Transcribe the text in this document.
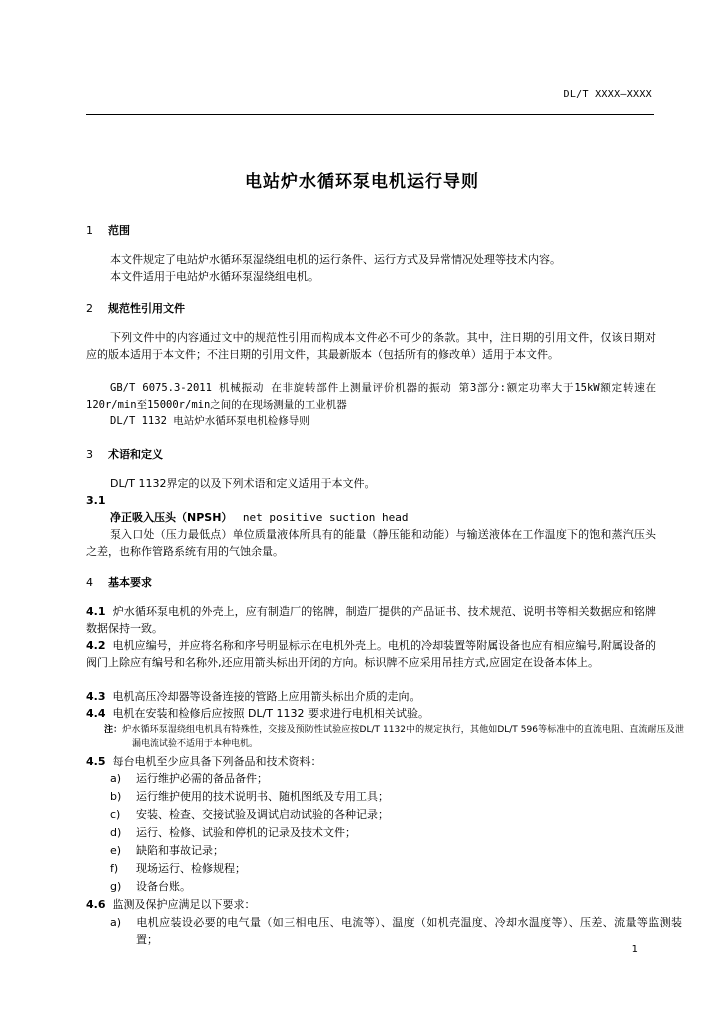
DL/T XXXX—XXXX
电站炉水循环泵电机运行导则
1 范围
本文件规定了电站炉水循环泵湿绕组电机的运行条件、运行方式及异常情况处理等技术内容。
本文件适用于电站炉水循环泵湿绕组电机。
2 规范性引用文件
下列文件中的内容通过文中的规范性引用而构成本文件必不可少的条款。其中，注日期的引用文件，仅该日期对应的版本适用于本文件；不注日期的引用文件，其最新版本（包括所有的修改单）适用于本文件。
GB/T 6075.3-2011 机械振动 在非旋转部件上测量评价机器的振动 第3部分:额定功率大于15kW额定转速在120r/min至15000r/min之间的在现场测量的工业机器
DL/T 1132 电站炉水循环泵电机检修导则
3 术语和定义
DL/T 1132界定的以及下列术语和定义适用于本文件。
3.1
净正吸入压头（NPSH） net positive suction head
泵入口处（压力最低点）单位质量液体所具有的能量（静压能和动能）与输送液体在工作温度下的饱和蒸汽压头之差，也称作管路系统有用的气蚀余量。
4 基本要求
4.1 炉水循环泵电机的外壳上，应有制造厂的铭牌，制造厂提供的产品证书、技术规范、说明书等相关数据应和铭牌数据保持一致。
4.2 电机应编号，并应将名称和序号明显标示在电机外壳上。电机的冷却装置等附属设备也应有相应编号,附属设备的阀门上除应有编号和名称外,还应用箭头标出开闭的方向。标识牌不应采用吊挂方式,应固定在设备本体上。
4.3 电机高压冷却器等设备连接的管路上应用箭头标出介质的走向。
4.4 电机在安装和检修后应按照 DL/T 1132 要求进行电机相关试验。
注：炉水循环泵湿绕组电机具有特殊性，交接及预防性试验应按DL/T 1132中的规定执行，其他如DL/T 596等标准中的直流电阻、直流耐压及泄漏电流试验不适用于本种电机。
4.5 每台电机至少应具备下列备品和技术资料：
a) 运行维护必需的备品备件；
b) 运行维护使用的技术说明书、随机图纸及专用工具；
c) 安装、检查、交接试验及调试启动试验的各种记录；
d) 运行、检修、试验和停机的记录及技术文件；
e) 缺陷和事故记录；
f) 现场运行、检修规程；
g) 设备台账。
4.6 监测及保护应满足以下要求：
a) 电机应装设必要的电气量（如三相电压、电流等）、温度（如机壳温度、冷却水温度等）、压差、流量等监测装置；
1
